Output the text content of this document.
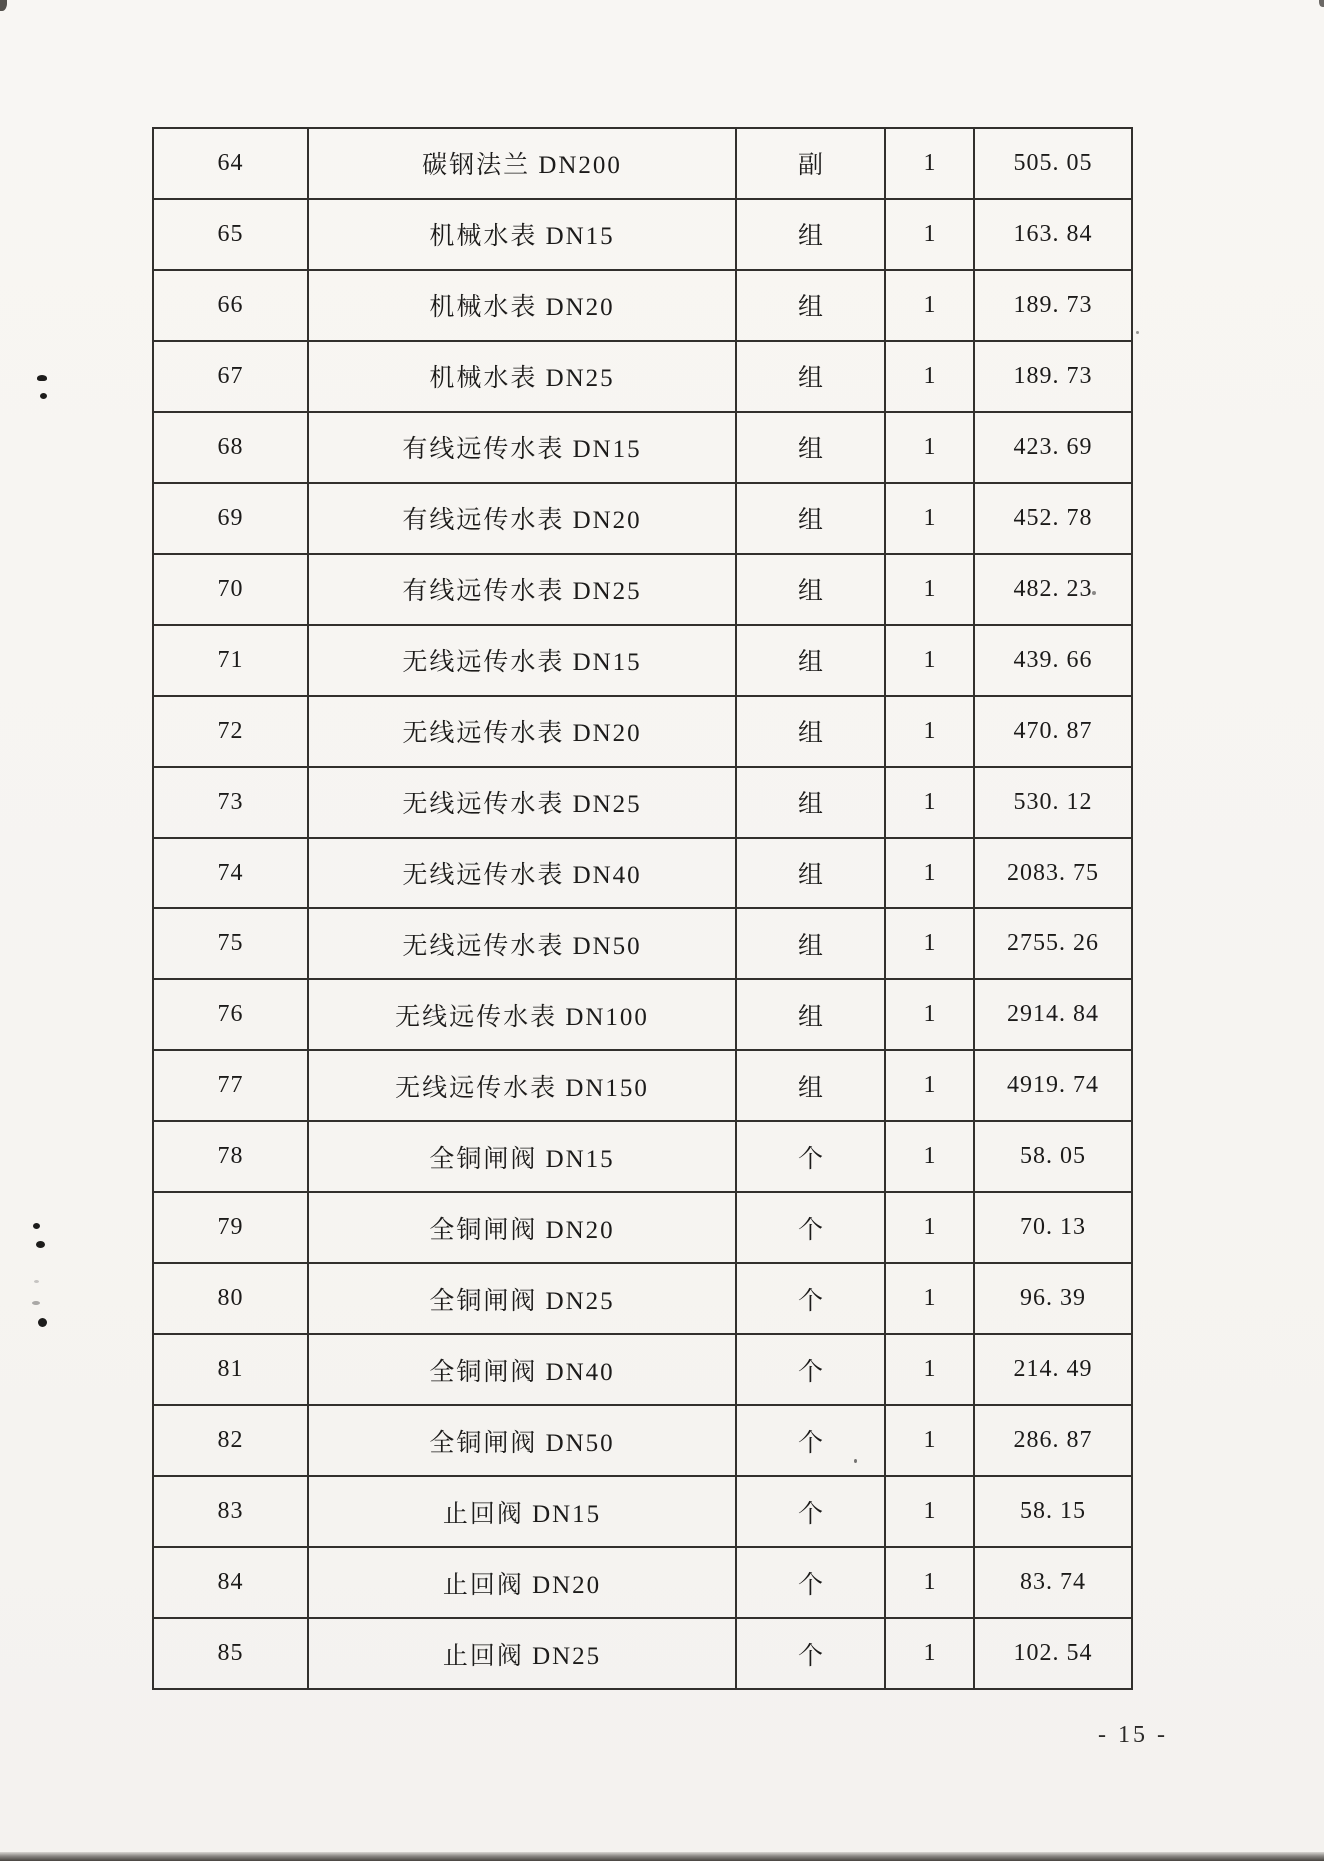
64	碳钢法兰 DN200	副	1	505. 05
65	机械水表 DN15	组	1	163. 84
66	机械水表 DN20	组	1	189. 73
67	机械水表 DN25	组	1	189. 73
68	有线远传水表 DN15	组	1	423. 69
69	有线远传水表 DN20	组	1	452. 78
70	有线远传水表 DN25	组	1	482. 23
71	无线远传水表 DN15	组	1	439. 66
72	无线远传水表 DN20	组	1	470. 87
73	无线远传水表 DN25	组	1	530. 12
74	无线远传水表 DN40	组	1	2083. 75
75	无线远传水表 DN50	组	1	2755. 26
76	无线远传水表 DN100	组	1	2914. 84
77	无线远传水表 DN150	组	1	4919. 74
78	全铜闸阀 DN15	个	1	58. 05
79	全铜闸阀 DN20	个	1	70. 13
80	全铜闸阀 DN25	个	1	96. 39
81	全铜闸阀 DN40	个	1	214. 49
82	全铜闸阀 DN50	个	1	286. 87
83	止回阀 DN15	个	1	58. 15
84	止回阀 DN20	个	1	83. 74
85	止回阀 DN25	个	1	102. 54
- 15 -
